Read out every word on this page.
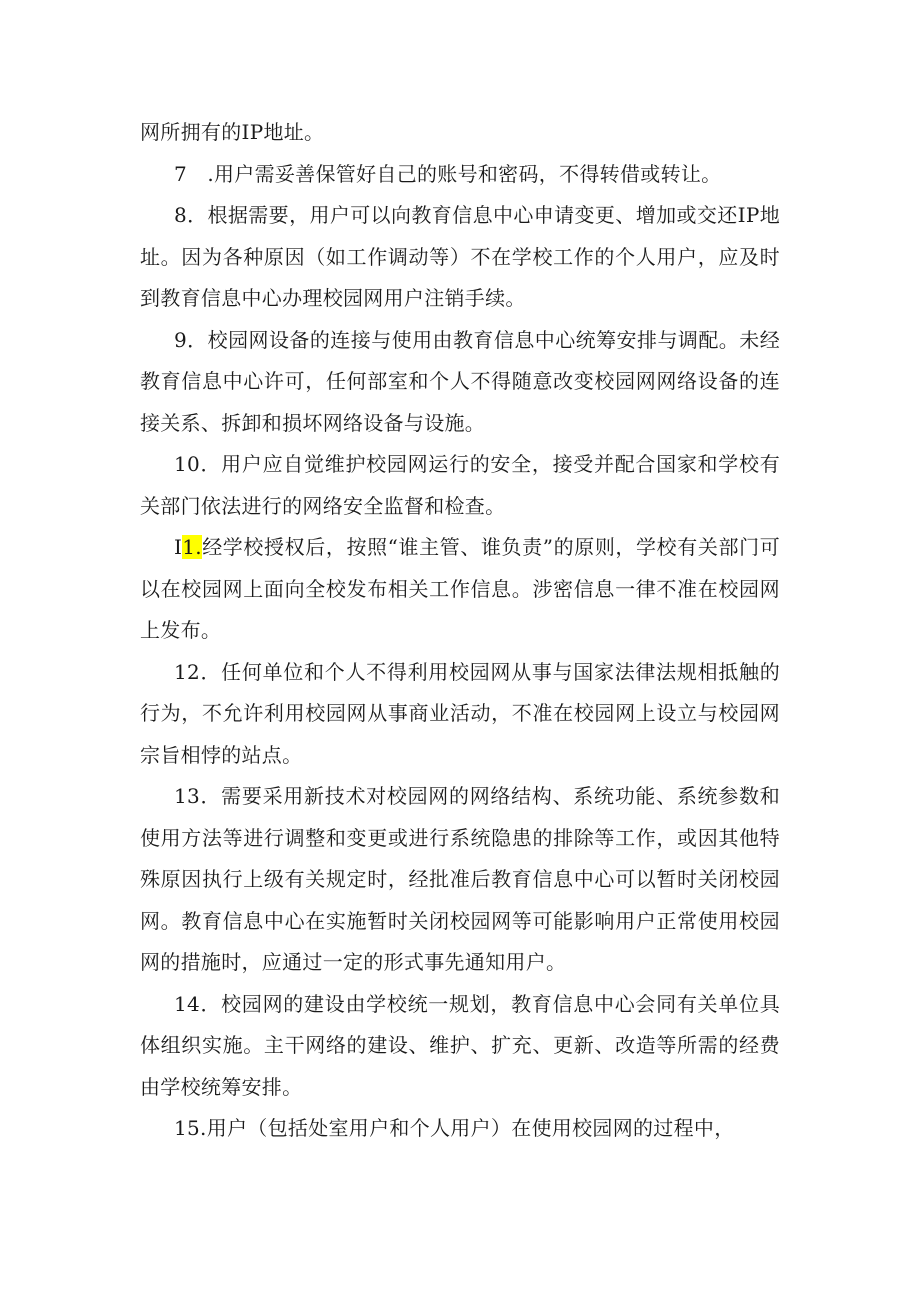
网所拥有的IP地址。

7　.用户需妥善保管好自己的账号和密码，不得转借或转让。

8．根据需要，用户可以向教育信息中心申请变更、增加或交还IP地址。因为各种原因（如工作调动等）不在学校工作的个人用户，应及时到教育信息中心办理校园网用户注销手续。

9．校园网设备的连接与使用由教育信息中心统筹安排与调配。未经教育信息中心许可，任何部室和个人不得随意改变校园网网络设备的连接关系、拆卸和损坏网络设备与设施。

10．用户应自觉维护校园网运行的安全，接受并配合国家和学校有关部门依法进行的网络安全监督和检查。

I1.经学校授权后，按照“谁主管、谁负责”的原则，学校有关部门可以在校园网上面向全校发布相关工作信息。涉密信息一律不准在校园网上发布。

12．任何单位和个人不得利用校园网从事与国家法律法规相抵触的行为，不允许利用校园网从事商业活动，不准在校园网上设立与校园网宗旨相悖的站点。

13．需要采用新技术对校园网的网络结构、系统功能、系统参数和使用方法等进行调整和变更或进行系统隐患的排除等工作，或因其他特殊原因执行上级有关规定时，经批准后教育信息中心可以暂时关闭校园网。教育信息中心在实施暂时关闭校园网等可能影响用户正常使用校园网的措施时，应通过一定的形式事先通知用户。

14．校园网的建设由学校统一规划，教育信息中心会同有关单位具体组织实施。主干网络的建设、维护、扩充、更新、改造等所需的经费由学校统筹安排。

15.用户（包括处室用户和个人用户）在使用校园网的过程中，
